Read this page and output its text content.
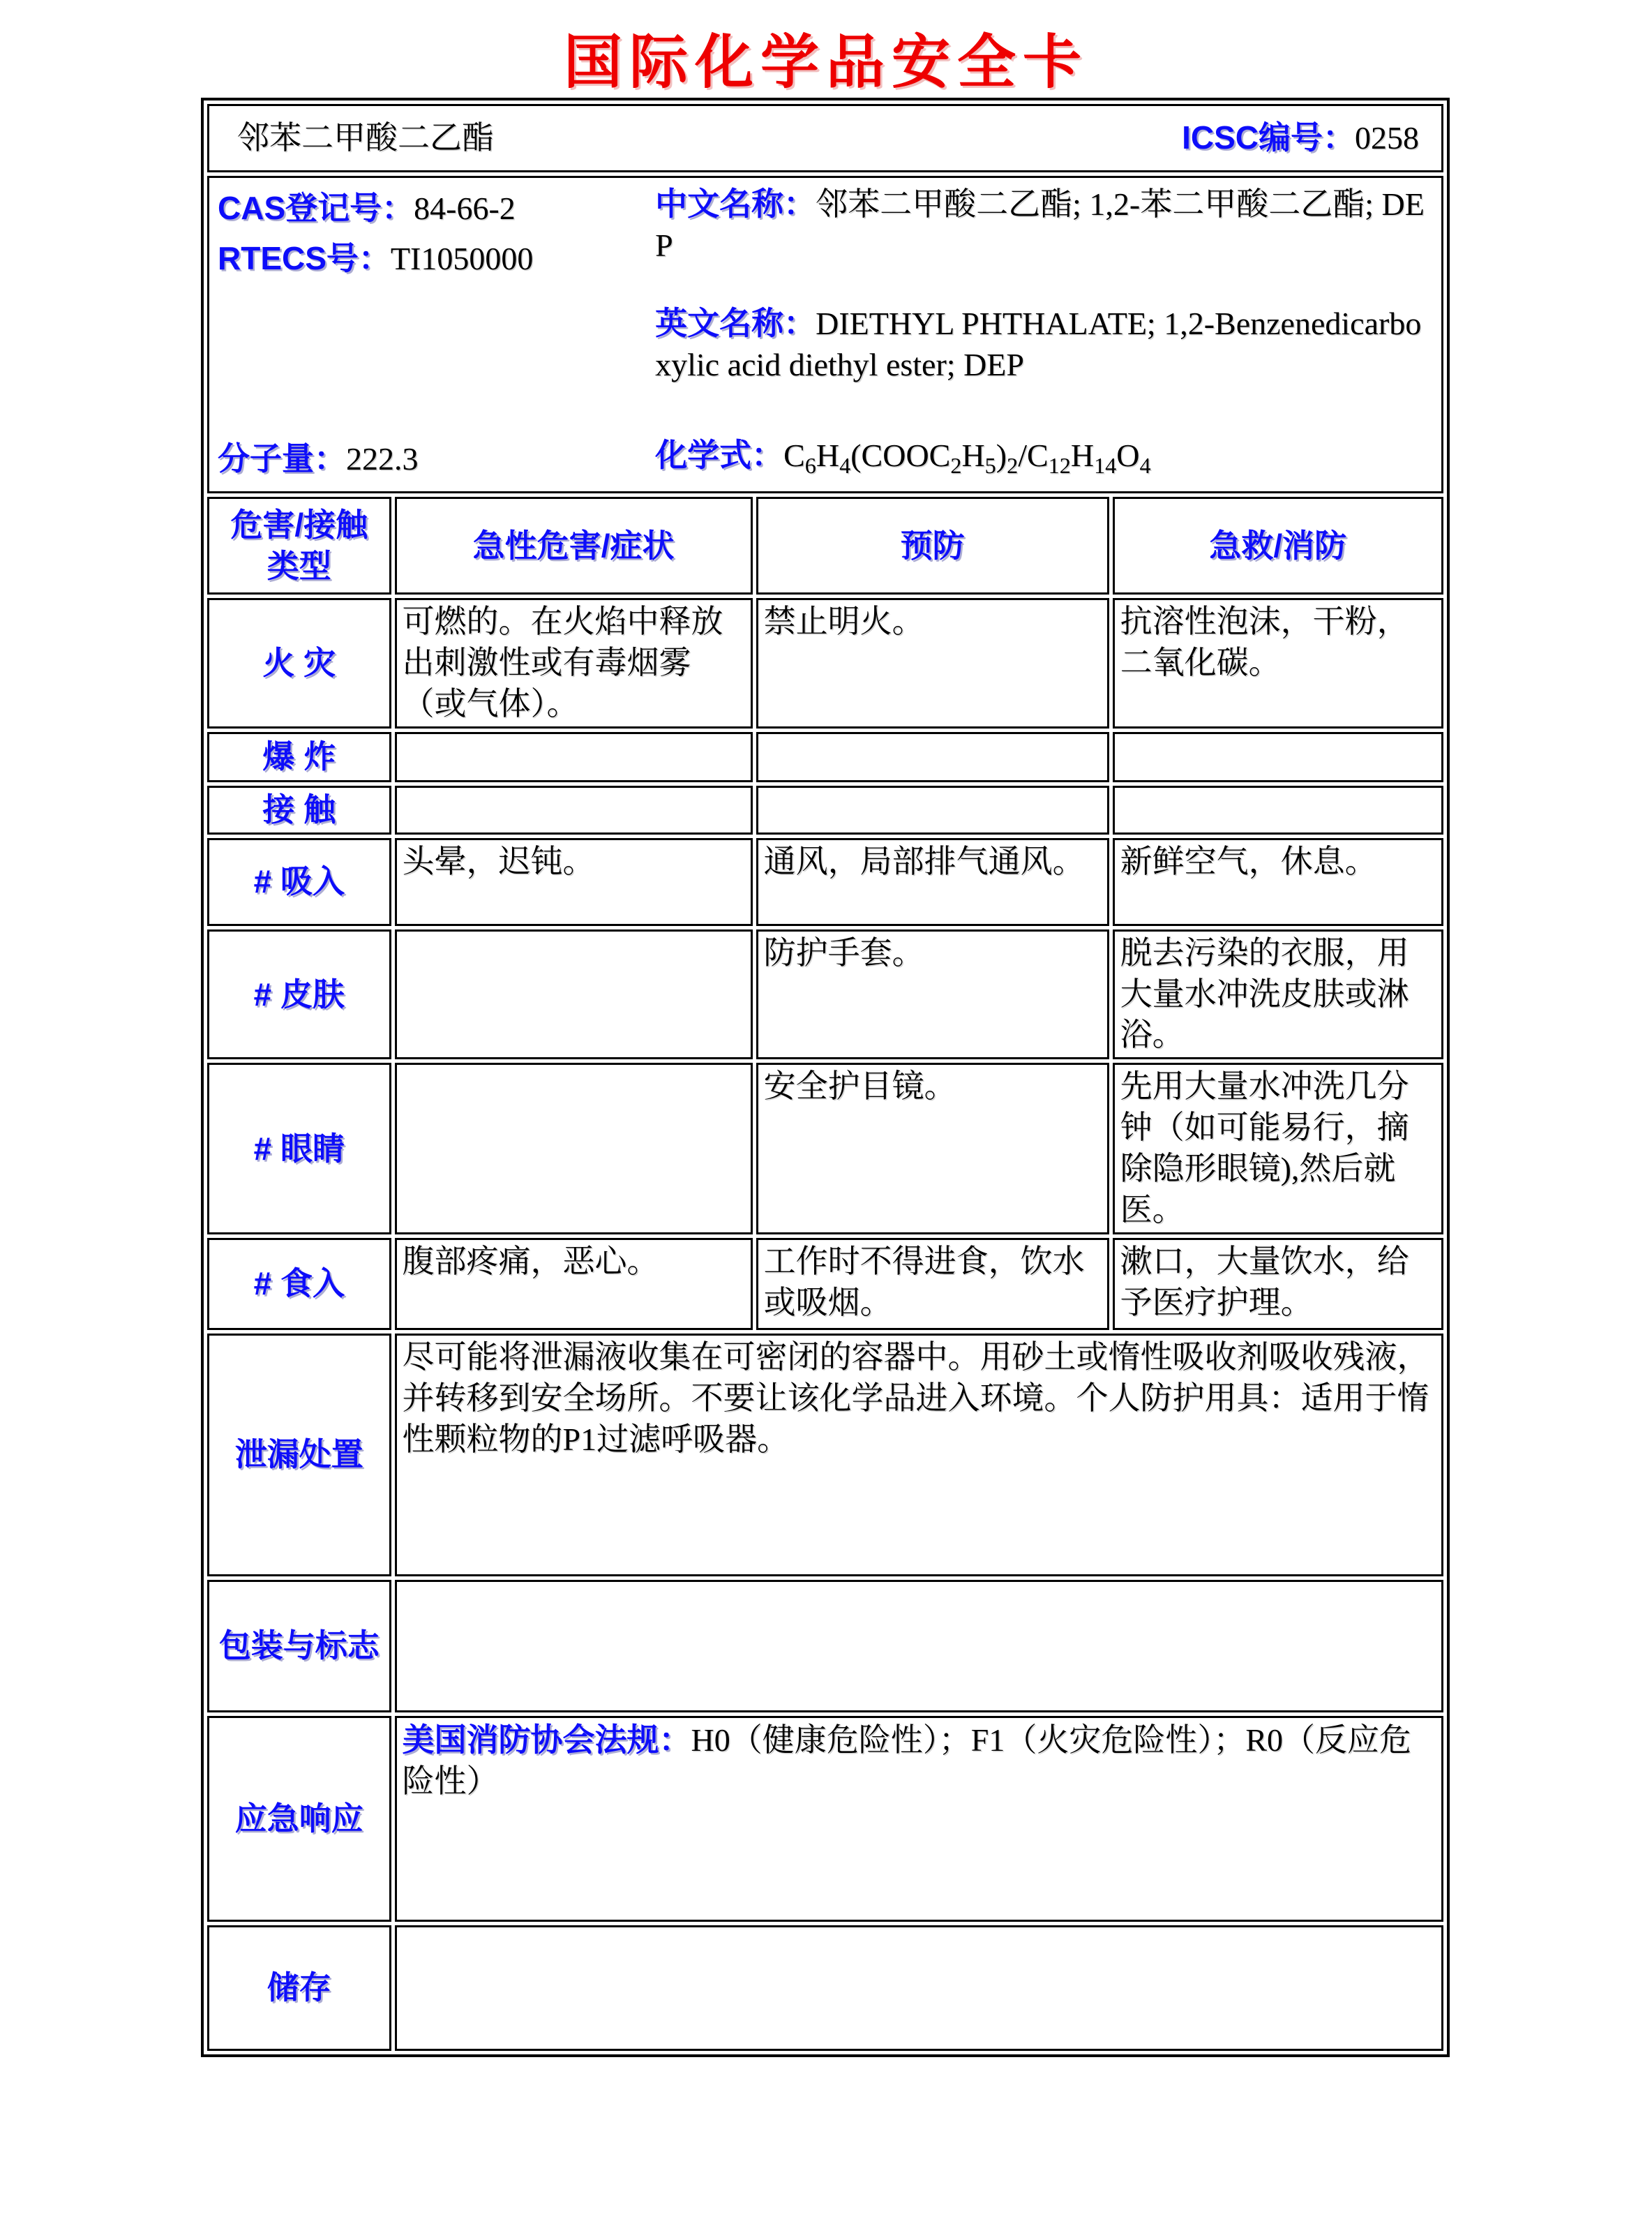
国际化学品安全卡
邻苯二甲酸二乙酯 ICSC编号：0258			

CAS登记号：84-66-2
RTECS号：TI1050000
分子量：222.3
中文名称：邻苯二甲酸二乙酯; 1,2-苯二甲酸二乙酯; DEP
英文名称：DIETHYL PHTHALATE; 1,2-Benzenedicarboxylic acid diethyl ester; DEP
化学式：$C_6H_4(COOC_2H_5)_2/C_{12}H_{14}O_4$

危害/接触类型	急性危害/症状	预防	急救/消防
火 灾	可燃的。在火焰中释放出刺激性或有毒烟雾（或气体）。	禁止明火。	抗溶性泡沫，干粉，二氧化碳。
爆 炸			
接 触			
# 吸入	头晕，迟钝。	通风，局部排气通风。	新鲜空气，休息。
# 皮肤		防护手套。	脱去污染的衣服，用大量水冲洗皮肤或淋浴。
# 眼睛		安全护目镜。	先用大量水冲洗几分钟（如可能易行，摘除隐形眼镜),然后就医。
# 食入	腹部疼痛，恶心。	工作时不得进食，饮水或吸烟。	漱口，大量饮水，给予医疗护理。
泄漏处置	尽可能将泄漏液收集在可密闭的容器中。用砂土或惰性吸收剂吸收残液，并转移到安全场所。不要让该化学品进入环境。个人防护用具：适用于惰性颗粒物的P1过滤呼吸器。		
包装与标志			
应急响应	美国消防协会法规：H0（健康危险性）；F1（火灾危险性）；R0（反应危险性）		
储存			
